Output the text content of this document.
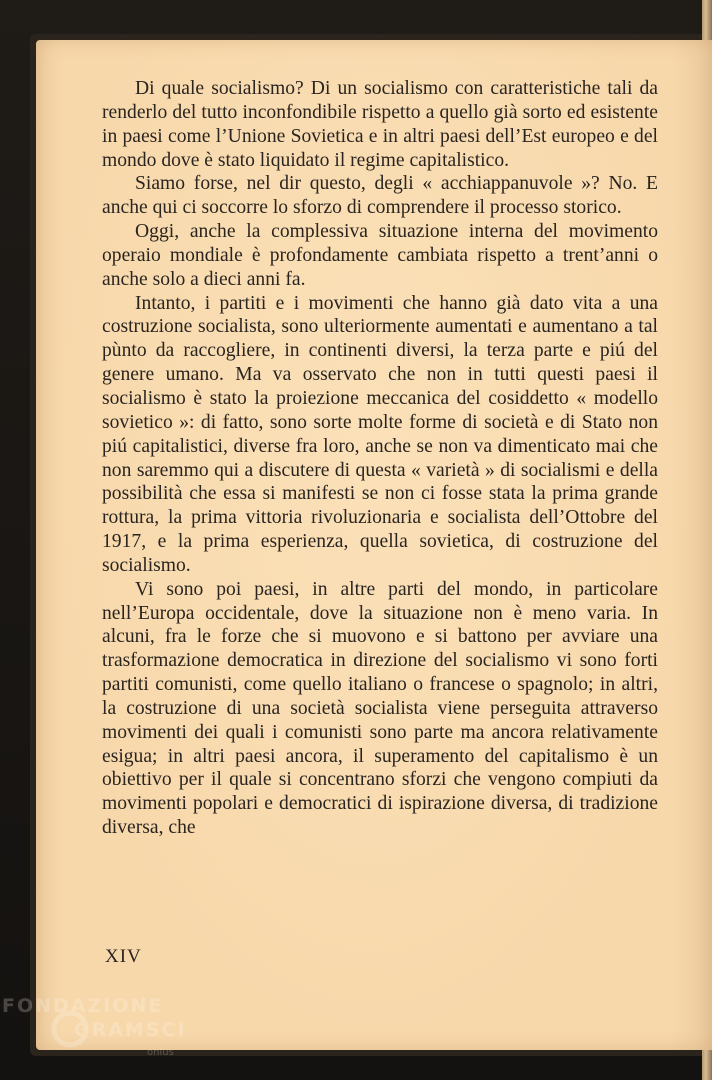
Di quale socialismo? Di un socialismo con caratteristiche tali da renderlo del tutto inconfondibile rispetto a quello già sorto ed esistente in paesi come l’Unione Sovietica e in altri paesi dell’Est europeo e del mondo dove è stato liquidato il regime capitalistico.

Siamo forse, nel dir questo, degli « acchiappanuvole »? No. E anche qui ci soccorre lo sforzo di comprendere il processo storico.

Oggi, anche la complessiva situazione interna del movimento operaio mondiale è profondamente cambiata rispetto a trent’anni o anche solo a dieci anni fa.

Intanto, i partiti e i movimenti che hanno già dato vita a una costruzione socialista, sono ulteriormente aumentati e aumentano a tal pùnto da raccogliere, in continenti diversi, la terza parte e piú del genere umano. Ma va osservato che non in tutti questi paesi il socialismo è stato la proiezione meccanica del cosiddetto « modello sovietico »: di fatto, sono sorte molte forme di società e di Stato non piú capitalistici, diverse fra loro, anche se non va dimenticato mai che non saremmo qui a discutere di questa « varietà » di socialismi e della possibilità che essa si manifesti se non ci fosse stata la prima grande rottura, la prima vittoria rivoluzionaria e socialista dell’Ottobre del 1917, e la prima esperienza, quella sovietica, di costruzione del socialismo.

Vi sono poi paesi, in altre parti del mondo, in particolare nell’Europa occidentale, dove la situazione non è meno varia. In alcuni, fra le forze che si muovono e si battono per avviare una trasformazione democratica in direzione del socialismo vi sono forti partiti comunisti, come quello italiano o francese o spagnolo; in altri, la costruzione di una società socialista viene perseguita attraverso movimenti dei quali i comunisti sono parte ma ancora relativamente esigua; in altri paesi ancora, il superamento del capitalismo è un obiettivo per il quale si concentrano sforzi che vengono compiuti da movimenti popolari e democratici di ispirazione diversa, di tradizione diversa, che

XIV
FONDAZIONE
GRAMSCI
onlus
